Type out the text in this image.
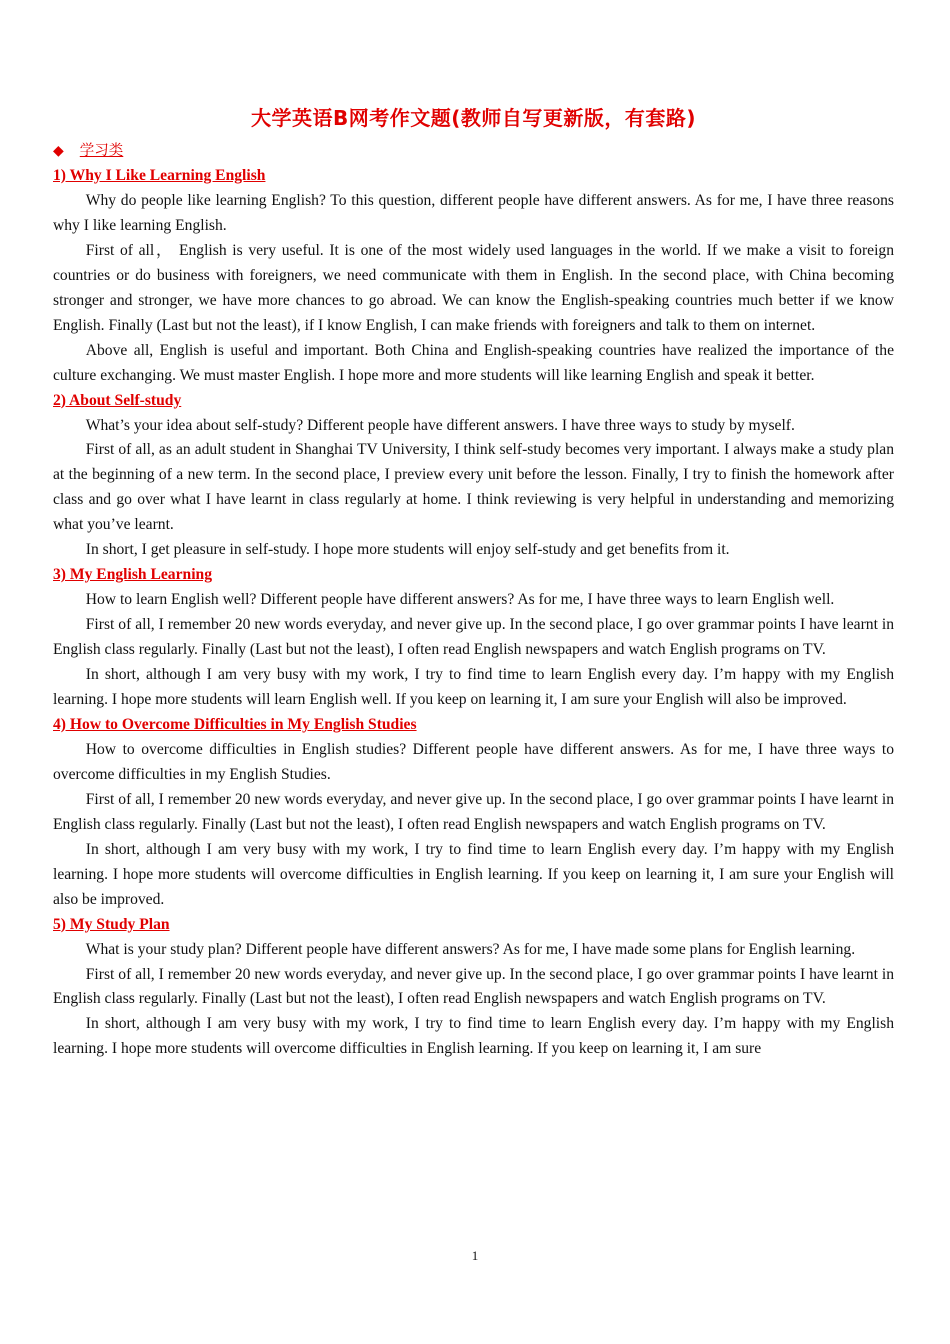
大学英语B网考作文题(教师自写更新版，有套路)
◆ 学习类
1) Why I Like Learning English

Why do people like learning English? To this question, different people have different answers. As for me, I have three reasons why I like learning English.

First of all， English is very useful. It is one of the most widely used languages in the world. If we make a visit to foreign countries or do business with foreigners, we need communicate with them in English. In the second place, with China becoming stronger and stronger, we have more chances to go abroad. We can know the English-speaking countries much better if we know English. Finally (Last but not the least), if I know English, I can make friends with foreigners and talk to them on internet.

Above all, English is useful and important. Both China and English-speaking countries have realized the importance of the culture exchanging. We must master English. I hope more and more students will like learning English and speak it better.

2) About Self-study

What’s your idea about self-study? Different people have different answers. I have three ways to study by myself.

First of all, as an adult student in Shanghai TV University, I think self-study becomes very important. I always make a study plan at the beginning of a new term. In the second place, I preview every unit before the lesson. Finally, I try to finish the homework after class and go over what I have learnt in class regularly at home. I think reviewing is very helpful in understanding and memorizing what you’ve learnt.

In short, I get pleasure in self-study. I hope more students will enjoy self-study and get benefits from it.

3) My English Learning

How to learn English well? Different people have different answers? As for me, I have three ways to learn English well.

First of all, I remember 20 new words everyday, and never give up. In the second place, I go over grammar points I have learnt in English class regularly. Finally (Last but not the least), I often read English newspapers and watch English programs on TV.

In short, although I am very busy with my work, I try to find time to learn English every day. I’m happy with my English learning. I hope more students will learn English well. If you keep on learning it, I am sure your English will also be improved.

4) How to Overcome Difficulties in My English Studies

How to overcome difficulties in English studies? Different people have different answers. As for me, I have three ways to overcome difficulties in my English Studies.

First of all, I remember 20 new words everyday, and never give up. In the second place, I go over grammar points I have learnt in English class regularly. Finally (Last but not the least), I often read English newspapers and watch English programs on TV.

In short, although I am very busy with my work, I try to find time to learn English every day. I’m happy with my English learning. I hope more students will overcome difficulties in English learning. If you keep on learning it, I am sure your English will also be improved.

5) My Study Plan

What is your study plan? Different people have different answers? As for me, I have made some plans for English learning.

First of all, I remember 20 new words everyday, and never give up. In the second place, I go over grammar points I have learnt in English class regularly. Finally (Last but not the least), I often read English newspapers and watch English programs on TV.

In short, although I am very busy with my work, I try to find time to learn English every day. I’m happy with my English learning. I hope more students will overcome difficulties in English learning. If you keep on learning it, I am sure

1
